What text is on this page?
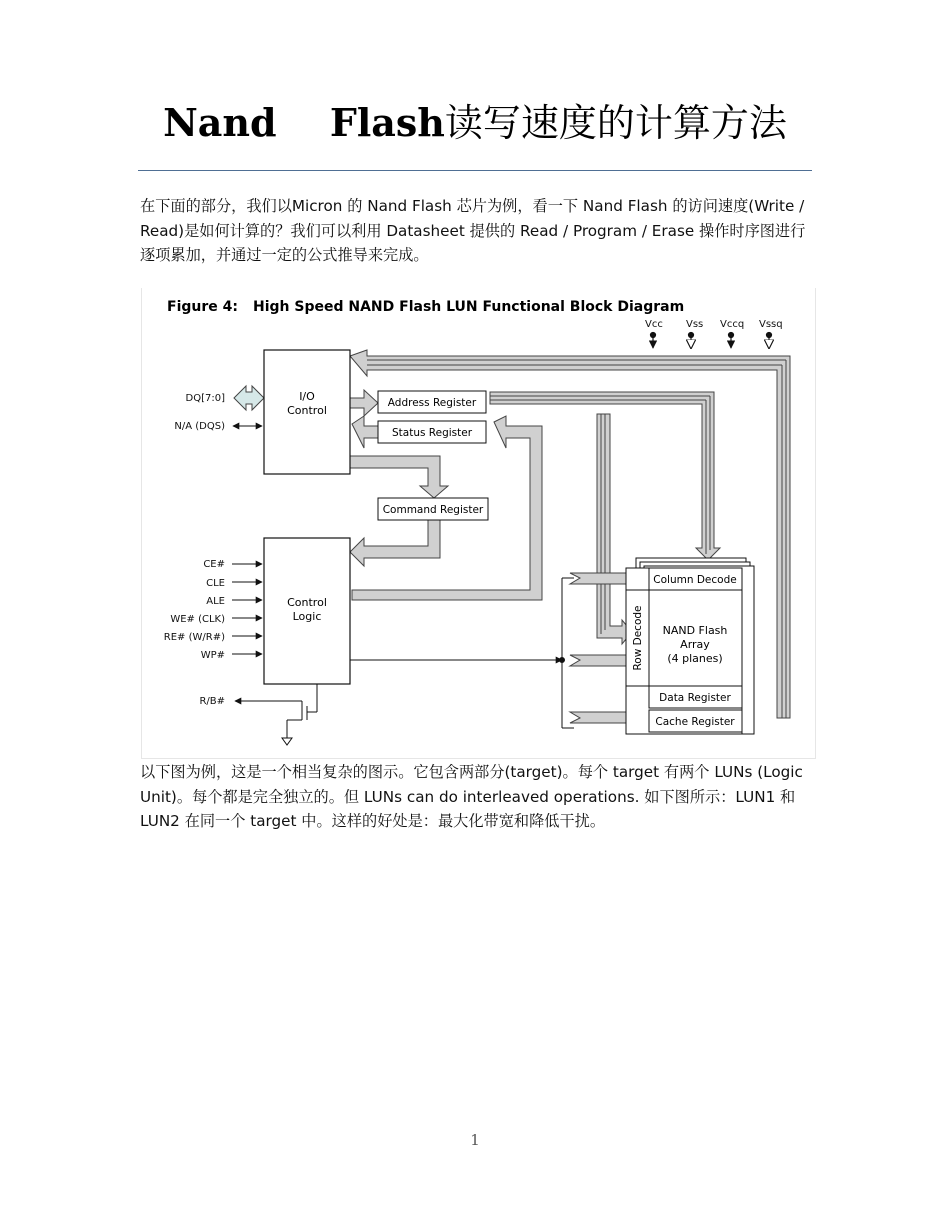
Nand Flash读写速度的计算方法
在下面的部分，我们以Micron 的 Nand Flash 芯片为例，看一下 Nand Flash 的访问速度(Write / Read)是如何计算的？我们可以利用 Datasheet 提供的 Read / Program / Erase 操作时序图进行逐项累加，并通过一定的公式推导来完成。
Figure 4: High Speed NAND Flash LUN Functional Block Diagram
Vcc Vss Vccq Vssq
I/O
Control
Address Register
Status Register
Command Register
Control
Logic
Column Decode
Row Decode NAND Flash
Array
(4 planes)
Data Register
Cache Register
DQ[7:0]
N/A (DQS)
CE#
CLE
ALE
WE# (CLK)
RE# (W/R#)
WP#
R/B#
以下图为例，这是一个相当复杂的图示。它包含两部分(target)。每个 target 有两个 LUNs (Logic Unit)。每个都是完全独立的。但 LUNs can do interleaved operations. 如下图所示：LUN1 和 LUN2 在同一个 target 中。这样的好处是：最大化带宽和降低干扰。
1
